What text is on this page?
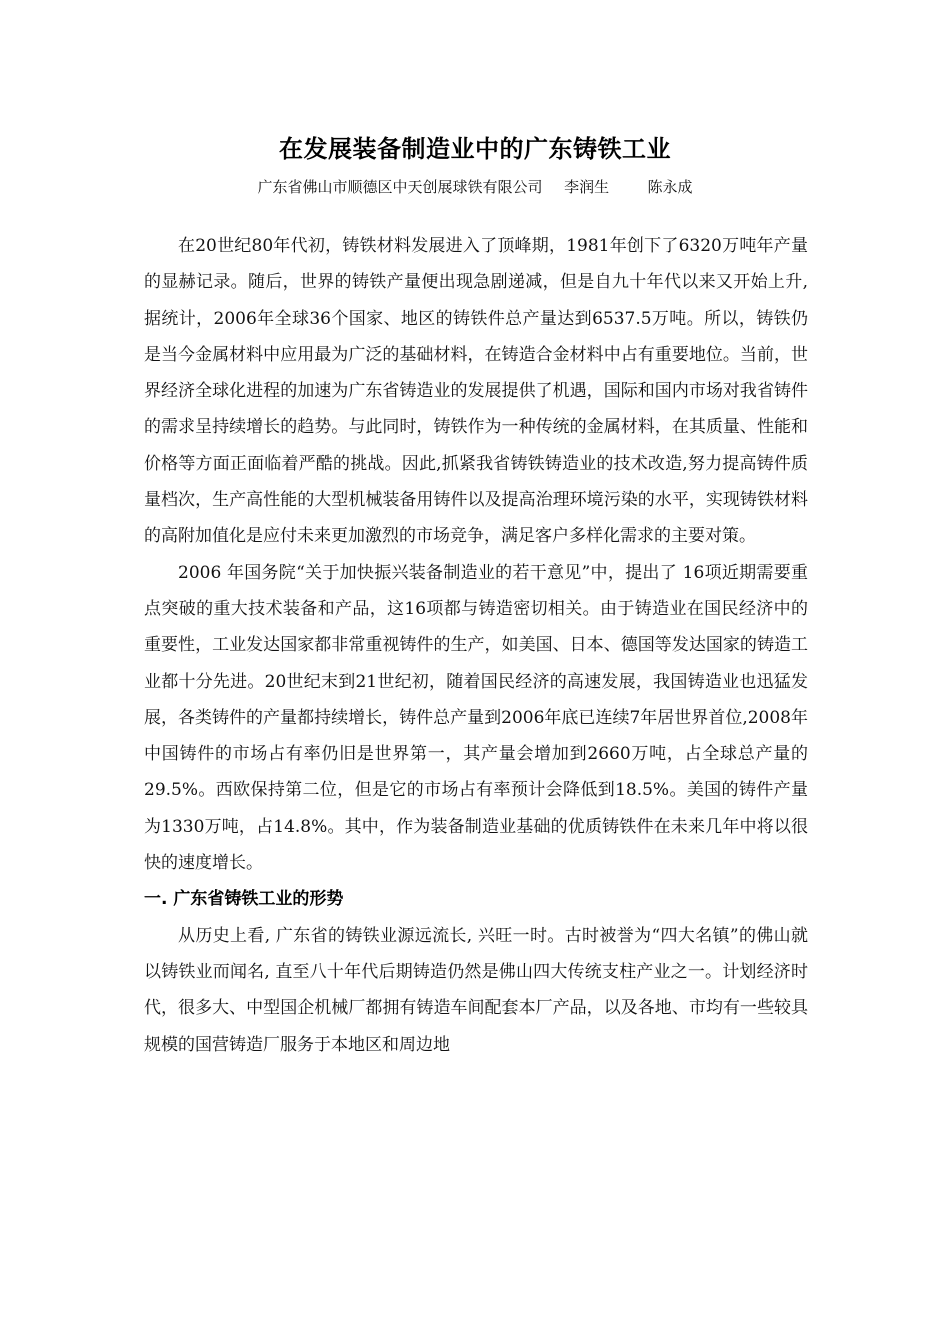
在发展装备制造业中的广东铸铁工业
广东省佛山市顺德区中天创展球铁有限公司 李润生	陈永成

在20世纪80年代初，铸铁材料发展进入了顶峰期，1981年创下了6320万吨年产量的显赫记录。随后，世界的铸铁产量便出现急剧递减，但是自九十年代以来又开始上升, 据统计，2006年全球36个国家、地区的铸铁件总产量达到6537.5万吨。所以，铸铁仍是当今金属材料中应用最为广泛的基础材料，在铸造合金材料中占有重要地位。当前，世界经济全球化进程的加速为广东省铸造业的发展提供了机遇，国际和国内市场对我省铸件的需求呈持续增长的趋势。与此同时，铸铁作为一种传统的金属材料，在其质量、性能和价格等方面正面临着严酷的挑战。因此,抓紧我省铸铁铸造业的技术改造,努力提高铸件质量档次，生产高性能的大型机械装备用铸件以及提高治理环境污染的水平，实现铸铁材料的高附加值化是应付未来更加激烈的市场竞争，满足客户多样化需求的主要对策。

2006 年国务院“关于加快振兴装备制造业的若干意见”中，提出了 16项近期需要重点突破的重大技术装备和产品，这16项都与铸造密切相关。由于铸造业在国民经济中的重要性，工业发达国家都非常重视铸件的生产，如美国、日本、德国等发达国家的铸造工业都十分先进。20世纪末到21世纪初，随着国民经济的高速发展，我国铸造业也迅猛发展，各类铸件的产量都持续增长，铸件总产量到2006年底已连续7年居世界首位,2008年中国铸件的市场占有率仍旧是世界第一，其产量会增加到2660万吨，占全球总产量的29.5%。西欧保持第二位，但是它的市场占有率预计会降低到18.5%。美国的铸件产量为1330万吨，占14.8%。其中，作为装备制造业基础的优质铸铁件在未来几年中将以很快的速度增长。

一. 广东省铸铁工业的形势

从历史上看, 广东省的铸铁业源远流长, 兴旺一时。古时被誉为“四大名镇”的佛山就以铸铁业而闻名, 直至八十年代后期铸造仍然是佛山四大传统支柱产业之一。计划经济时代，很多大、中型国企机械厂都拥有铸造车间配套本厂产品，以及各地、市均有一些较具规模的国营铸造厂服务于本地区和周边地
